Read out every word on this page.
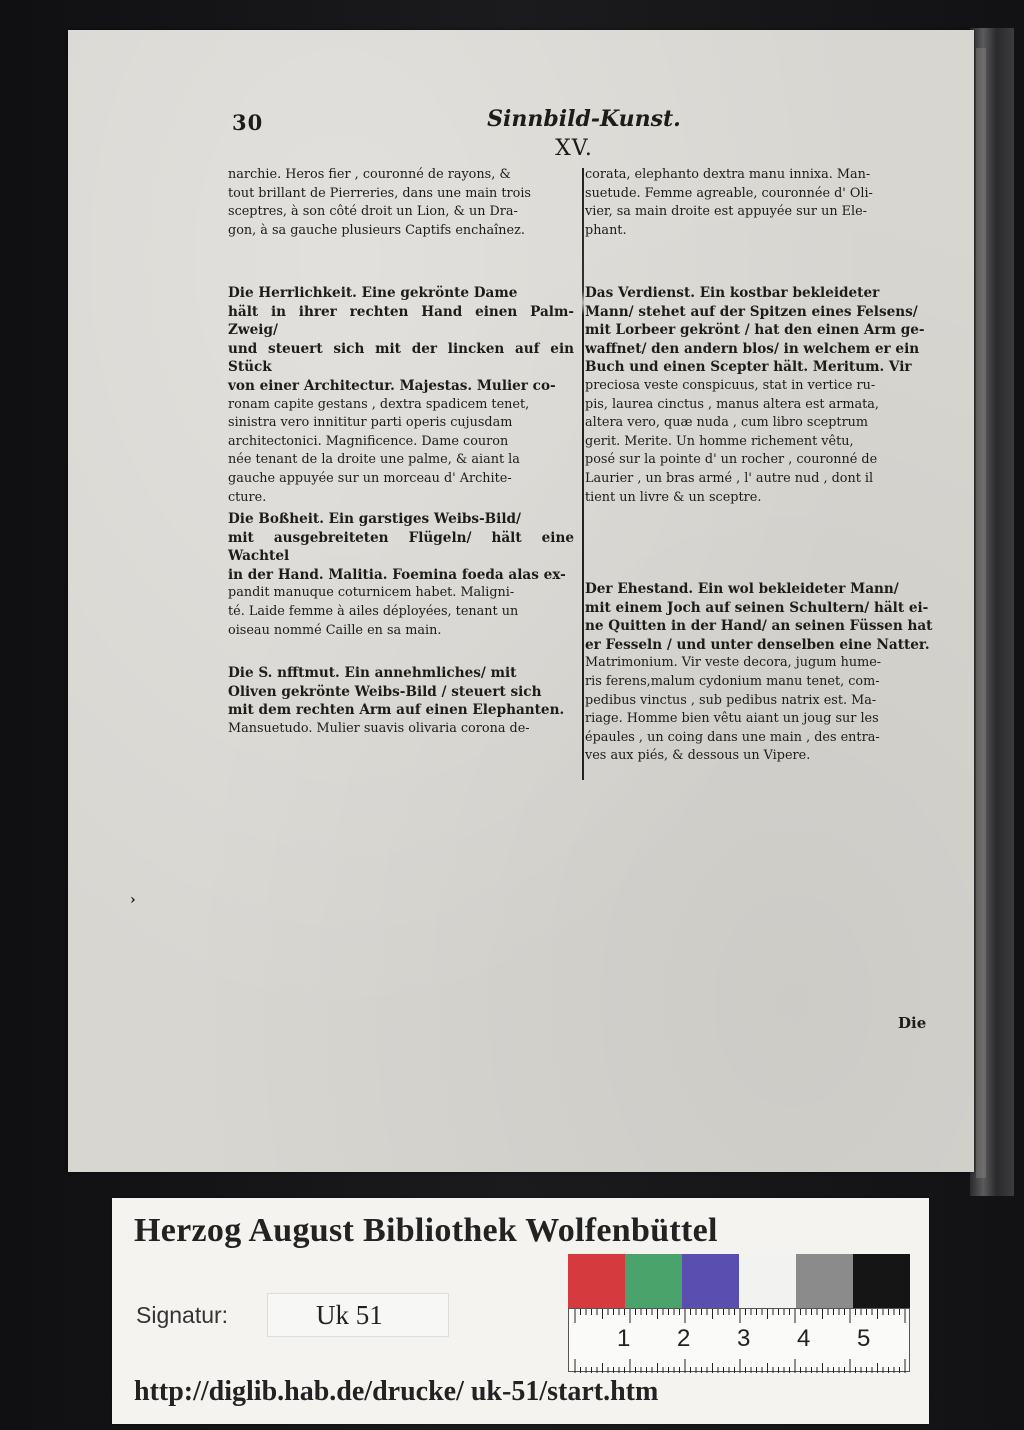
30	Sinnbild-Kunst.
XV.

narchie. Heros fier , couronné de rayons, &

tout brillant de Pierreries, dans une main trois

sceptres, à son côté droit un Lion, & un Dra-

gon, à sa gauche plusieurs Captifs enchaînez.

Die Herrlichkeit. Eine gekrönte Dame

hält in ihrer rechten Hand einen Palm-Zweig/

und steuert sich mit der lincken auf ein Stück

von einer Architectur. Majestas. Mulier co-

ronam capite gestans , dextra spadicem tenet,

sinistra vero innititur parti operis cujusdam

architectonici. Magnificence. Dame couron

née tenant de la droite une palme, & aiant la

gauche appuyée sur un morceau d' Archite-

cture.

Die Boßheit. Ein garstiges Weibs-Bild/

mit ausgebreiteten Flügeln/ hält eine Wachtel

in der Hand. Malitia. Foemina foeda alas ex-

pandit manuque coturnicem habet. Maligni-

té. Laide femme à ailes déployées, tenant un

oiseau nommé Caille en sa main.

Die S. nfftmut. Ein annehmliches/ mit

Oliven gekrönte Weibs-Bild / steuert sich

mit dem rechten Arm auf einen Elephanten.

Mansuetudo. Mulier suavis olivaria corona de-

corata, elephanto dextra manu innixa. Man-

suetude. Femme agreable, couronnée d' Oli-

vier, sa main droite est appuyée sur un Ele-

phant.

Das Verdienst. Ein kostbar bekleideter

Mann/ stehet auf der Spitzen eines Felsens/

mit Lorbeer gekrönt / hat den einen Arm ge-

waffnet/ den andern blos/ in welchem er ein

Buch und einen Scepter hält. Meritum. Vir

preciosa veste conspicuus, stat in vertice ru-

pis, laurea cinctus , manus altera est armata,

altera vero, quæ nuda , cum libro sceptrum

gerit. Merite. Un homme richement vêtu,

posé sur la pointe d' un rocher , couronné de

Laurier , un bras armé , l' autre nud , dont il

tient un livre & un sceptre.

Der Ehestand. Ein wol bekleideter Mann/

mit einem Joch auf seinen Schultern/ hält ei-

ne Quitten in der Hand/ an seinen Füssen hat

er Fesseln / und unter denselben eine Natter.

Matrimonium. Vir veste decora, jugum hume-

ris ferens,malum cydonium manu tenet, com-

pedibus vinctus , sub pedibus natrix est. Ma-

riage. Homme bien vêtu aiant un joug sur les

épaules , un coing dans une main , des entra-

ves aux piés, & dessous un Vipere.

›
Die
Herzog August Bibliothek Wolfenbüttel
Signatur:	Uk 51
1 2 3 4 5
http://diglib.hab.de/drucke/ uk-51/start.htm
